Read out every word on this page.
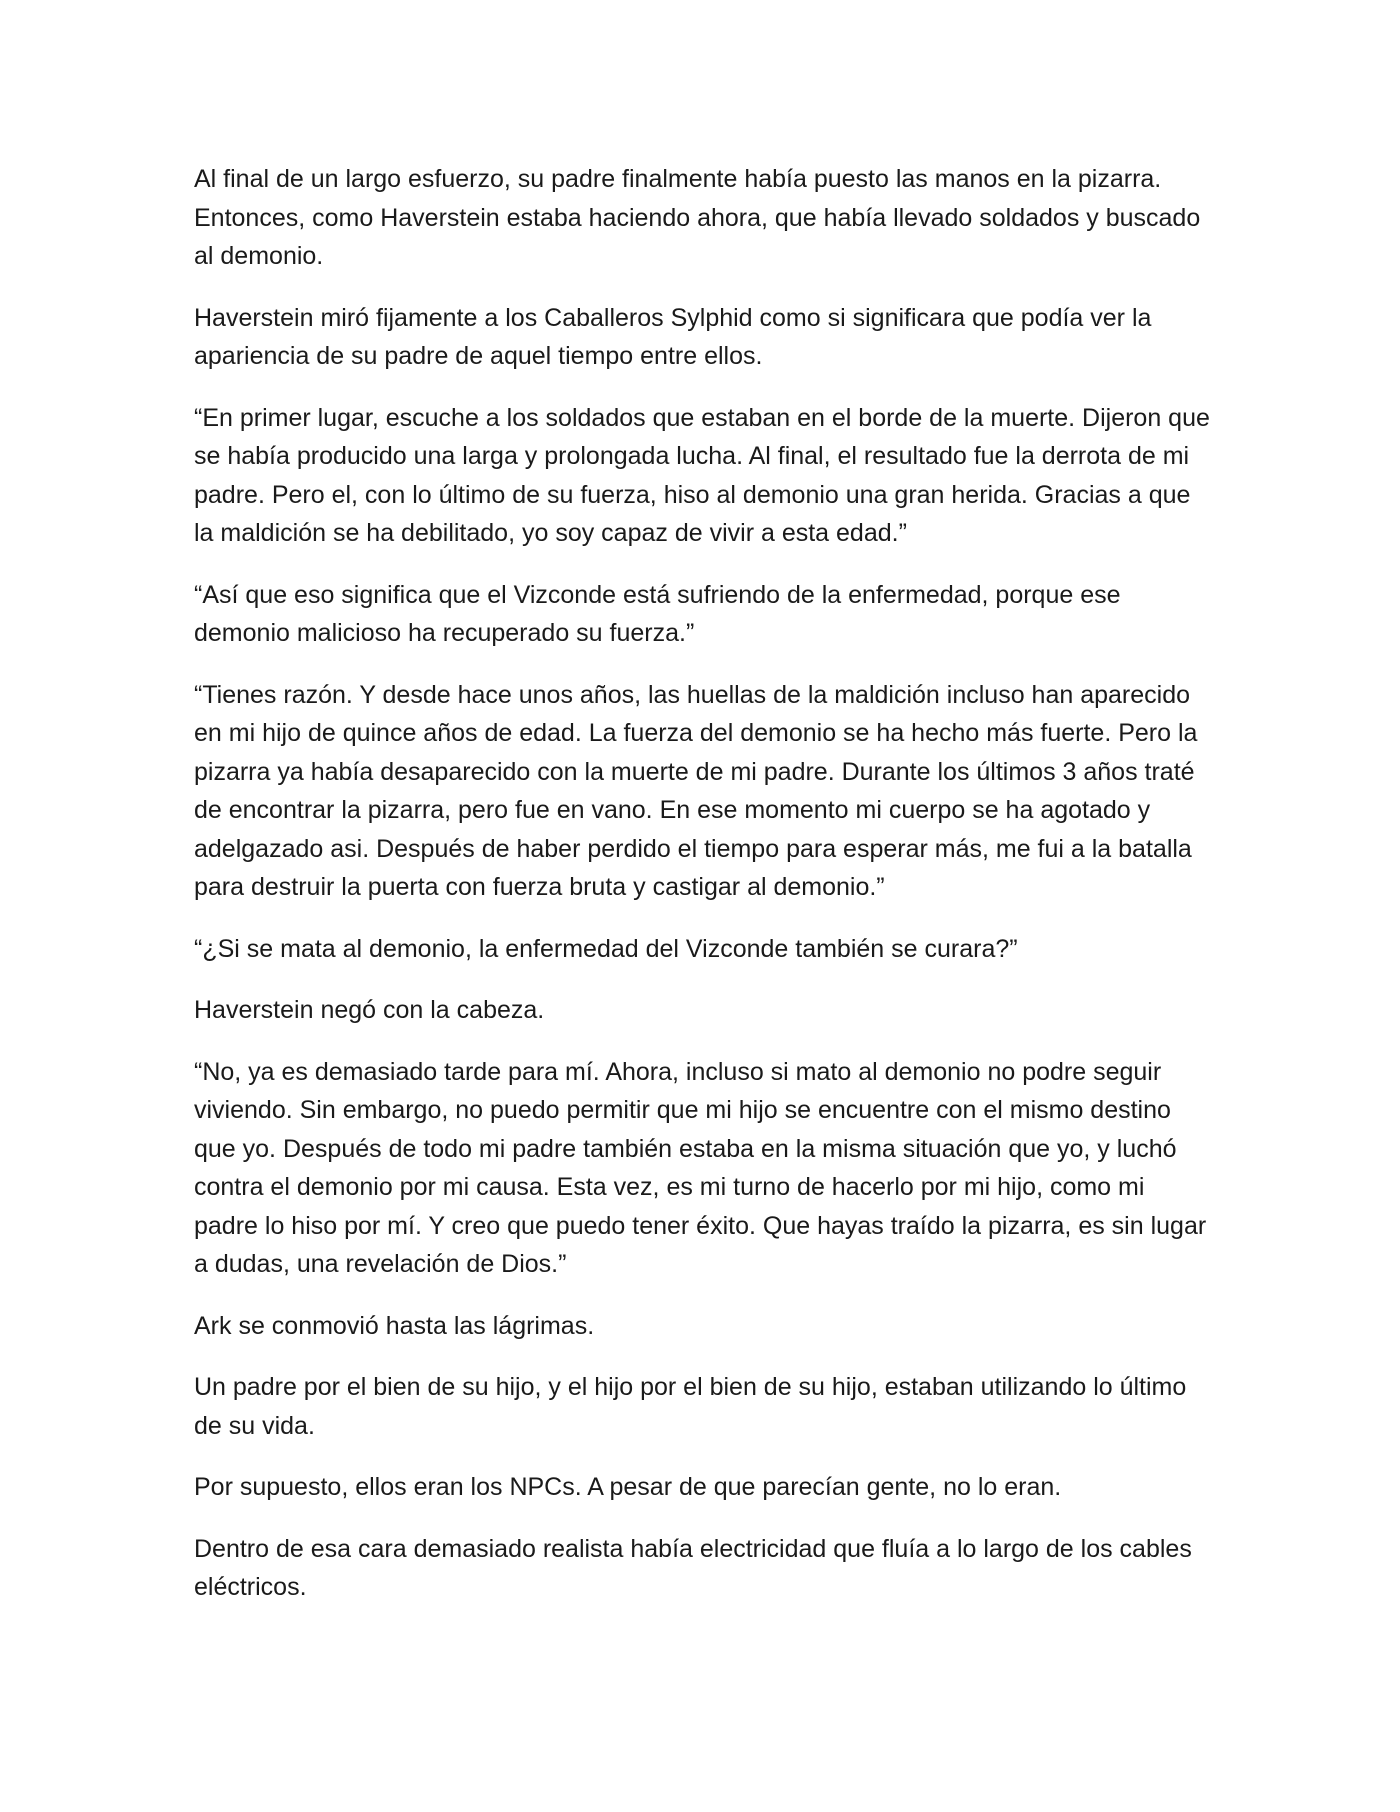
Al final de un largo esfuerzo, su padre finalmente había puesto las manos en la pizarra. Entonces, como Haverstein estaba haciendo ahora, que había llevado soldados y buscado al demonio.

Haverstein miró fijamente a los Caballeros Sylphid como si significara que podía ver la apariencia de su padre de aquel tiempo entre ellos.

“En primer lugar, escuche a los soldados que estaban en el borde de la muerte. Dijeron que se había producido una larga y prolongada lucha. Al final, el resultado fue la derrota de mi padre. Pero el, con lo último de su fuerza, hiso al demonio una gran herida. Gracias a que la maldición se ha debilitado, yo soy capaz de vivir a esta edad.”

“Así que eso significa que el Vizconde está sufriendo de la enfermedad, porque ese demonio malicioso ha recuperado su fuerza.”

“Tienes razón. Y desde hace unos años, las huellas de la maldición incluso han aparecido en mi hijo de quince años de edad. La fuerza del demonio se ha hecho más fuerte. Pero la pizarra ya había desaparecido con la muerte de mi padre. Durante los últimos 3 años traté de encontrar la pizarra, pero fue en vano. En ese momento mi cuerpo se ha agotado y adelgazado asi. Después de haber perdido el tiempo para esperar más, me fui a la batalla para destruir la puerta con fuerza bruta y castigar al demonio.”

“¿Si se mata al demonio, la enfermedad del Vizconde también se curara?”

Haverstein negó con la cabeza.

“No, ya es demasiado tarde para mí. Ahora, incluso si mato al demonio no podre seguir viviendo. Sin embargo, no puedo permitir que mi hijo se encuentre con el mismo destino que yo. Después de todo mi padre también estaba en la misma situación que yo, y luchó contra el demonio por mi causa. Esta vez, es mi turno de hacerlo por mi hijo, como mi padre lo hiso por mí. Y creo que puedo tener éxito. Que hayas traído la pizarra, es sin lugar a dudas, una revelación de Dios.”

Ark se conmovió hasta las lágrimas.

Un padre por el bien de su hijo, y el hijo por el bien de su hijo, estaban utilizando lo último de su vida.

Por supuesto, ellos eran los NPCs. A pesar de que parecían gente, no lo eran.

Dentro de esa cara demasiado realista había electricidad que fluía a lo largo de los cables eléctricos.
